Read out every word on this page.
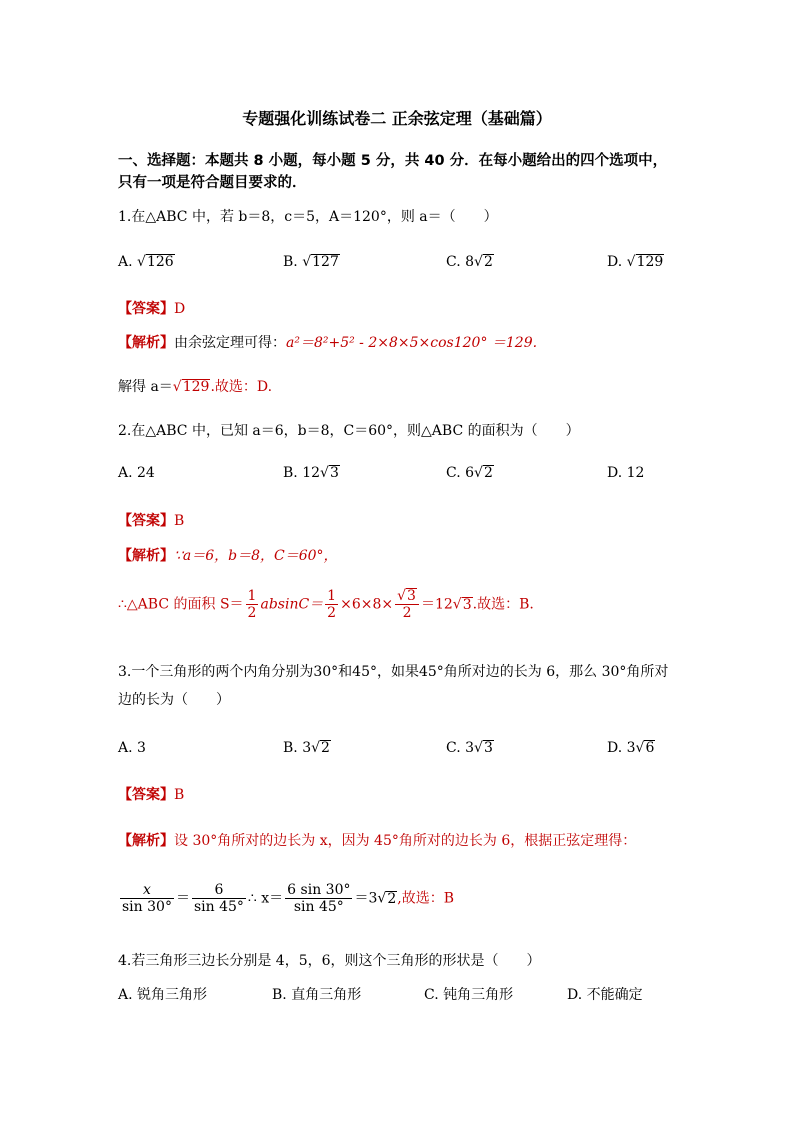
专题强化训练试卷二 正余弦定理（基础篇）
一、选择题：本题共 8 小题，每小题 5 分，共 40 分．在每小题给出的四个选项中，只有一项是符合题目要求的．
1.在△ABC 中，若 b＝8，c＝5，A＝120°，则 a＝（　　）
A. √126	B. √127	C. 8√2	D. √129
【答案】D
【解析】由余弦定理可得：a²＝8²+5² - 2×8×5×cos120° ＝129.
解得 a＝√129.故选：D.
2.在△ABC 中，已知 a＝6，b＝8，C＝60°，则△ABC 的面积为（　　）
A. 24	B. 12√3	C. 6√2	D. 12
【答案】B
【解析】∵a＝6，b＝8，C＝60°，
∴△ABC 的面积 $S= \frac{1}{2} absinC= \frac{1}{2} \times 6\times 8\times \frac{√3}{2} =12√3$.故选：B.
3.一个三角形的两个内角分别为30°和45°，如果45°角所对边的长为 6，那么 30°角所对边的长为（　　）
A. 3	B. 3√2	C. 3√3	D. 3√6
【答案】B
【解析】设 30°角所对的边长为 x，因为 45°角所对的边长为 6，根据正弦定理得：
$\frac{x}{\sin 30^\circ} = \frac{6}{\sin 45^\circ}$ ∴ $x= \frac{6 \sin 30^\circ}{\sin 45^\circ} =3√2$,故选：B
4.若三角形三边长分别是 4，5，6，则这个三角形的形状是（　　）
A. 锐角三角形	B. 直角三角形	C. 钝角三角形	D. 不能确定
